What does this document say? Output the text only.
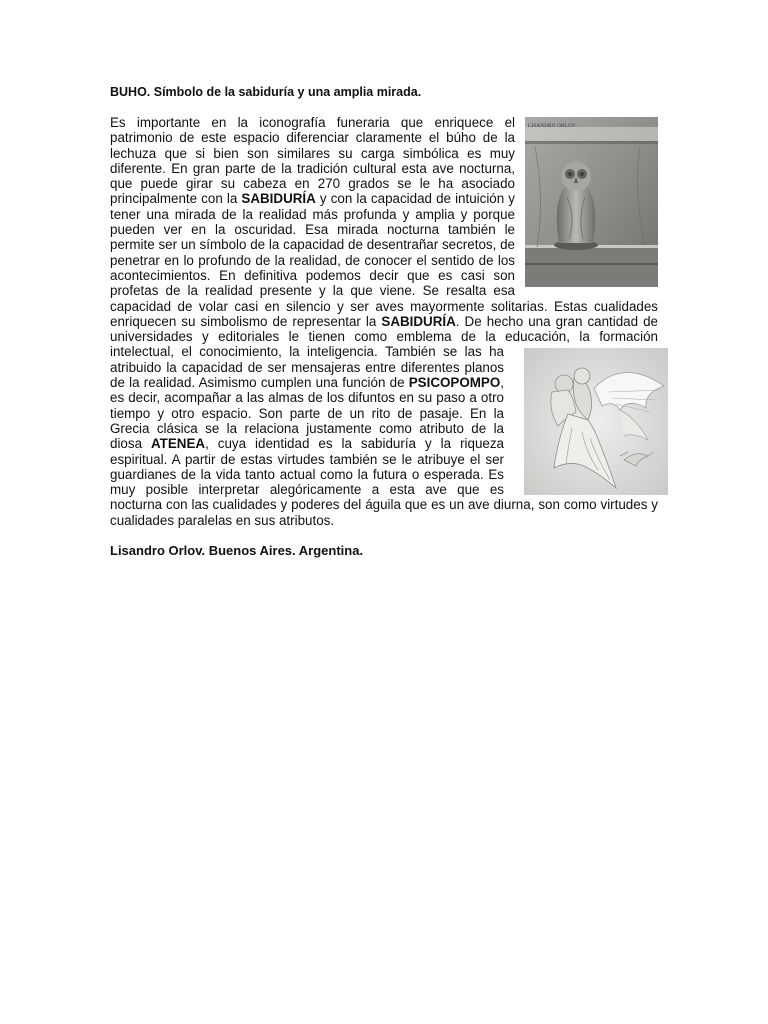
BUHO. Símbolo de la sabiduría y una amplia mirada.

LISANDRO ORLOV
Es importante en la iconografía funeraria que enriquece el patrimonio de este espacio diferenciar claramente el búho de la lechuza que si bien son similares su carga simbólica es muy diferente. En gran parte de la tradición cultural esta ave nocturna, que puede girar su cabeza en 270 grados se le ha asociado principalmente con la SABIDURÍA y con la capacidad de intuición y tener una mirada de la realidad más profunda y amplia y porque pueden ver en la oscuridad. Esa mirada nocturna también le permite ser un símbolo de la capacidad de desentrañar secretos, de penetrar en lo profundo de la realidad, de conocer el sentido de los acontecimientos. En definitiva podemos decir que es casi son profetas de la realidad presente y la que viene. Se resalta esa capacidad de volar casi en silencio y ser aves mayormente solitarias. Estas cualidades enriquecen su simbolismo de representar la SABIDURÍA. De hecho una gran cantidad de universidades y editoriales le tienen como emblema de la educación, la formación intelectual, el conocimiento, la inteligencia. También se las ha atribuido la capacidad de ser mensajeras entre diferentes planos de la realidad. Asimismo cumplen una función de PSICOPOMPO, es decir, acompañar a las almas de los difuntos en su paso a otro tiempo y otro espacio. Son parte de un rito de pasaje. En la Grecia clásica se la relaciona justamente como atributo de la diosa ATENEA, cuya identidad es la sabiduría y la riqueza espiritual. A partir de estas virtudes también se le atribuye el ser guardianes de la vida tanto actual como la futura o esperada. Es muy posible interpretar alegóricamente a esta ave que es nocturna con las cualidades y poderes del águila que es un ave diurna, son como virtudes y cualidades paralelas en sus atributos.

Lisandro Orlov. Buenos Aires. Argentina.
